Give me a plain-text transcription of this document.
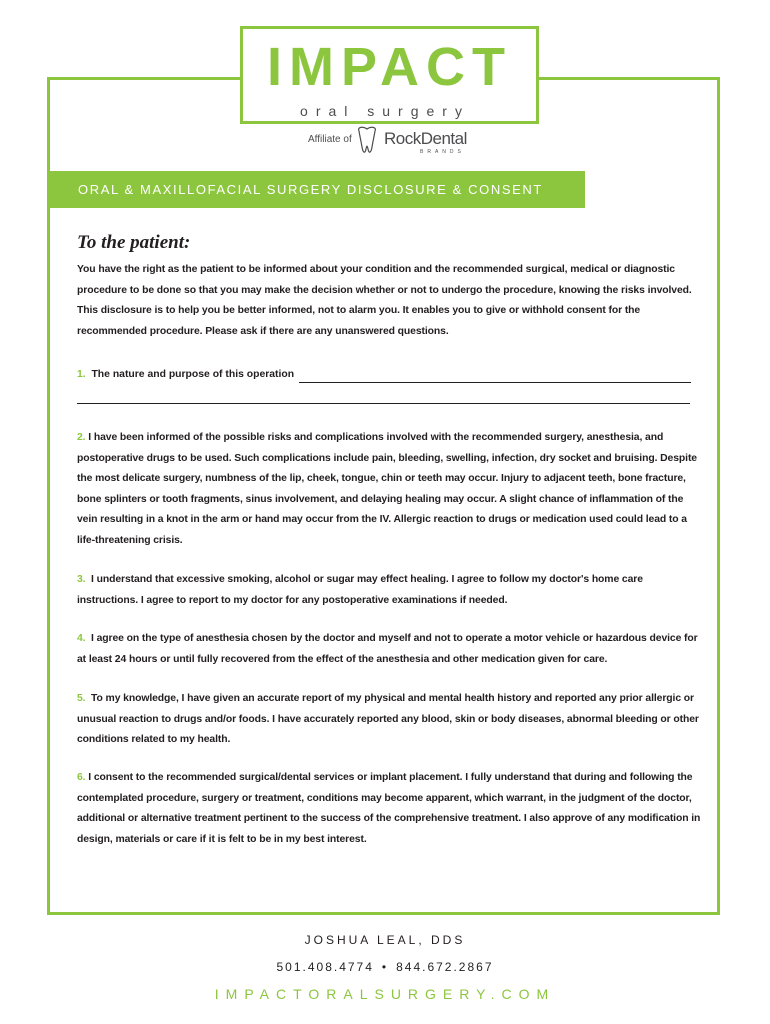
IMPACT
oral surgery
Affiliate of RockDental
BRANDS
ORAL & MAXILLOFACIAL SURGERY DISCLOSURE & CONSENT
To the patient:
You have the right as the patient to be informed about your condition and the recommended surgical, medical or diagnostic procedure to be done so that you may make the decision whether or not to undergo the procedure, knowing the risks involved. This disclosure is to help you be better informed, not to alarm you. It enables you to give or withhold consent for the recommended procedure. Please ask if there are any unanswered questions.
1.
The nature and purpose of this operation
2. I have been informed of the possible risks and complications involved with the recommended surgery, anesthesia, and postoperative drugs to be used. Such complications include pain, bleeding, swelling, infection, dry socket and bruising. Despite the most delicate surgery, numbness of the lip, cheek, tongue, chin or teeth may occur. Injury to adjacent teeth, bone fracture, bone splinters or tooth fragments, sinus involvement, and delaying healing may occur. A slight chance of inflammation of the vein resulting in a knot in the arm or hand may occur from the IV. Allergic reaction to drugs or medication used could lead to a life-threatening crisis.
3. I understand that excessive smoking, alcohol or sugar may effect healing. I agree to follow my doctor's home care instructions. I agree to report to my doctor for any postoperative examinations if needed.
4. I agree on the type of anesthesia chosen by the doctor and myself and not to operate a motor vehicle or hazardous device for at least 24 hours or until fully recovered from the effect of the anesthesia and other medication given for care.
5. To my knowledge, I have given an accurate report of my physical and mental health history and reported any prior allergic or unusual reaction to drugs and/or foods. I have accurately reported any blood, skin or body diseases, abnormal bleeding or other conditions related to my health.
6. I consent to the recommended surgical/dental services or implant placement. I fully understand that during and following the contemplated procedure, surgery or treatment, conditions may become apparent, which warrant, in the judgment of the doctor, additional or alternative treatment pertinent to the success of the comprehensive treatment. I also approve of any modification in design, materials or care if it is felt to be in my best interest.
JOSHUA LEAL, DDS
501.408.4774 • 844.672.2867
IMPACTORALSURGERY.COM
